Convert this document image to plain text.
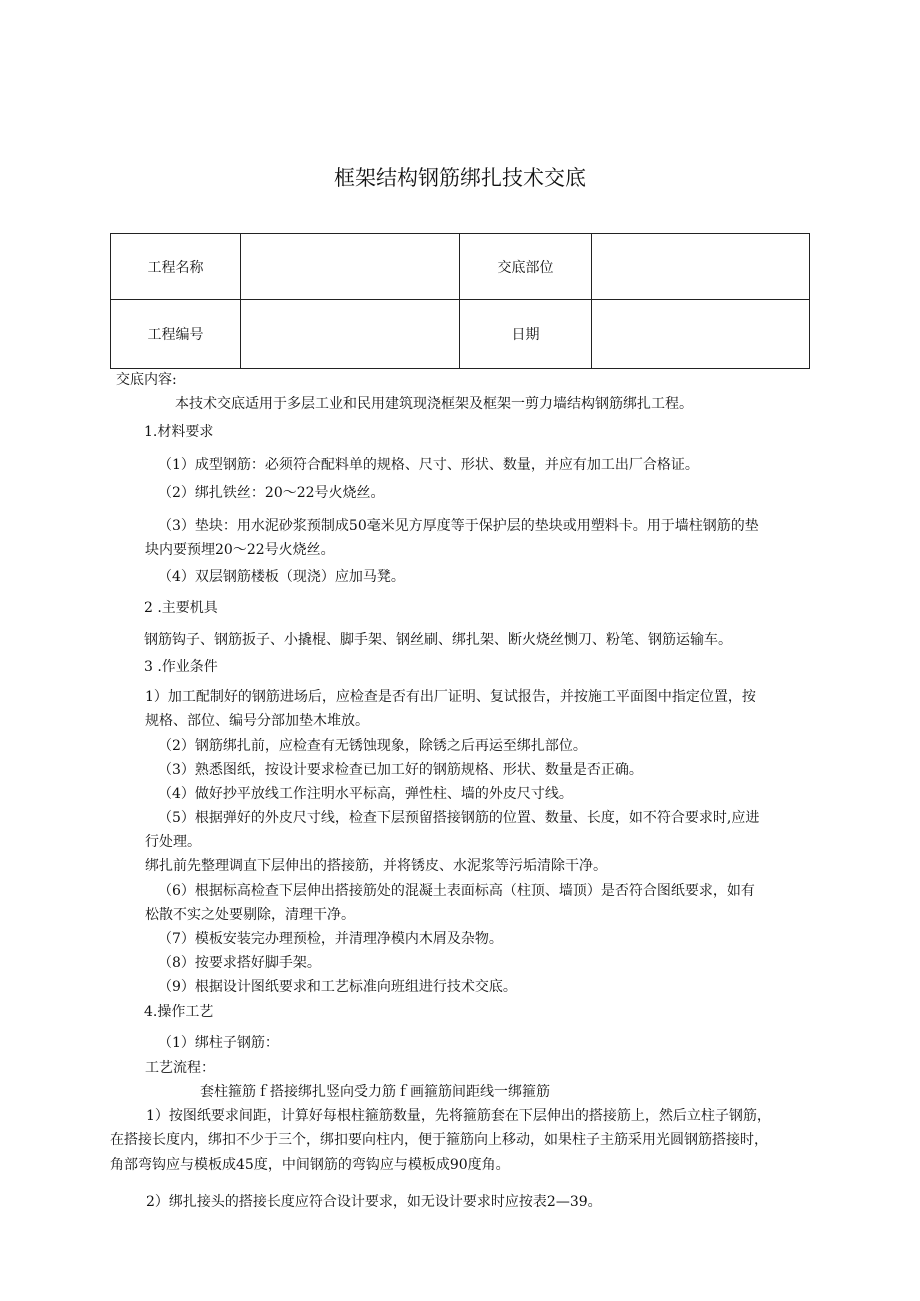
框架结构钢筋绑扎技术交底
工程名称		交底部位	
工程编号		日期	
交底内容:
本技术交底适用于多层工业和民用建筑现浇框架及框架一剪力墙结构钢筋绑扎工程。
1.材料要求
（1）成型钢筋：必须符合配料单的规格、尺寸、形状、数量，并应有加工出厂合格证。
（2）绑扎铁丝：20〜22号火烧丝。
（3）垫块：用水泥砂浆预制成50毫米见方厚度等于保护层的垫块或用塑料卡。用于墙柱钢筋的垫
块内要预埋20〜22号火烧丝。
（4）双层钢筋楼板（现浇）应加马凳。
2 .主要机具
钢筋钩子、钢筋扳子、小撬棍、脚手架、钢丝刷、绑扎架、断火烧丝恻刀、粉笔、钢筋运输车。
3 .作业条件
1）加工配制好的钢筋进场后，应检查是否有出厂证明、复试报告，并按施工平面图中指定位置，按
规格、部位、编号分部加垫木堆放。
（2）钢筋绑扎前，应检查有无锈蚀现象，除锈之后再运至绑扎部位。
（3）熟悉图纸，按设计要求检查已加工好的钢筋规格、形状、数量是否正确。
（4）做好抄平放线工作注明水平标高，弹性柱、墙的外皮尺寸线。
（5）根据弹好的外皮尺寸线，检查下层预留搭接钢筋的位置、数量、长度，如不符合要求时,应进
行处理。
绑扎前先整理调直下层伸出的搭接筋，并将锈皮、水泥浆等污垢清除干净。
（6）根据标高检查下层伸出搭接筋处的混凝土表面标高（柱顶、墙顶）是否符合图纸要求，如有
松散不实之处要剔除，清理干净。
（7）模板安装完办理预检，并清理净模内木屑及杂物。
（8）按要求搭好脚手架。
（9）根据设计图纸要求和工艺标准向班组进行技术交底。
4.操作工艺
（1）绑柱子钢筋：
工艺流程：
套柱箍筋ｆ搭接绑扎竖向受力筋ｆ画箍筋间距线一绑箍筋
1）按图纸要求间距，计算好每根柱箍筋数量，先将箍筋套在下层伸出的搭接筋上，然后立柱子钢筋，
在搭接长度内，绑扣不少于三个，绑扣要向柱内，便于箍筋向上移动，如果柱子主筋采用光圆钢筋搭接时，
角部弯钩应与模板成45度，中间钢筋的弯钩应与模板成90度角。
2）绑扎接头的搭接长度应符合设计要求，如无设计要求时应按表2—39。
